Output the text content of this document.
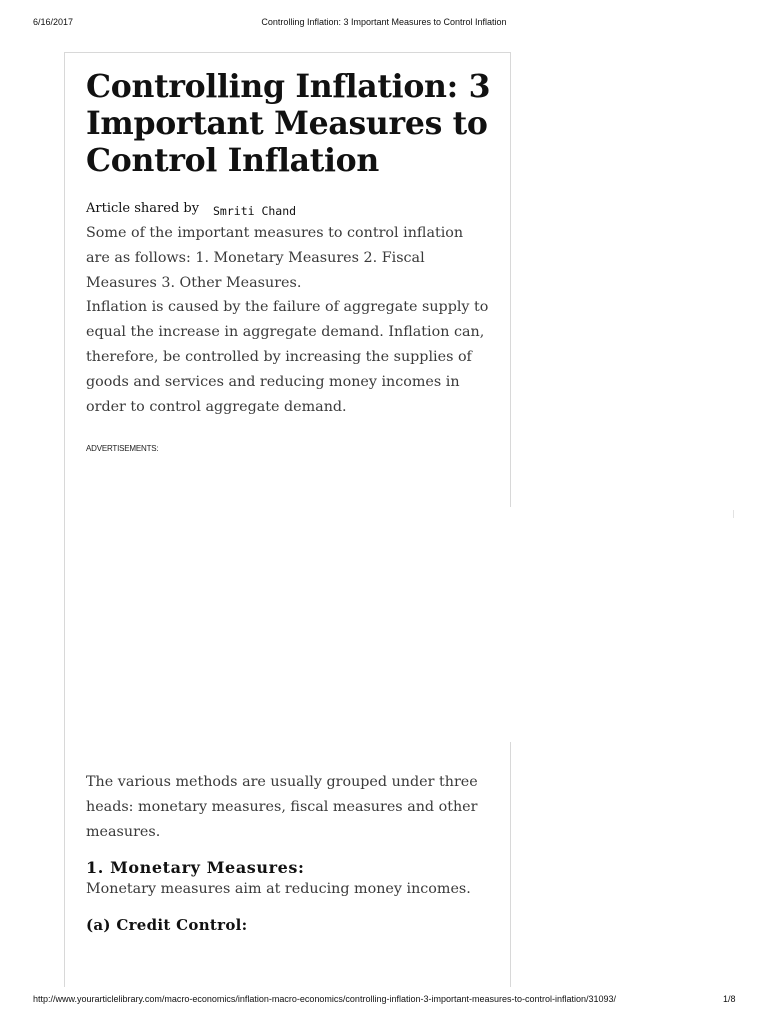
6/16/2017	Controlling Inflation: 3 Important Measures to Control Inflation
Controlling Inflation: 3 Important Measures to Control Inflation
Article shared by Smriti Chand

Some of the important measures to control inflation are as follows: 1. Monetary Measures 2. Fiscal Measures 3. Other Measures.

Inflation is caused by the failure of aggregate supply to equal the increase in aggregate demand. Inflation can, therefore, be controlled by increasing the supplies of goods and services and reducing money incomes in order to control aggregate demand.

ADVERTISEMENTS:

The various methods are usually grouped under three heads: monetary measures, fiscal measures and other measures.

1. Monetary Measures:

Monetary measures aim at reducing money incomes.

(a) Credit Control:
http://www.yourarticlelibrary.com/macro-economics/inflation-macro-economics/controlling-inflation-3-important-measures-to-control-inflation/31093/	1/8
